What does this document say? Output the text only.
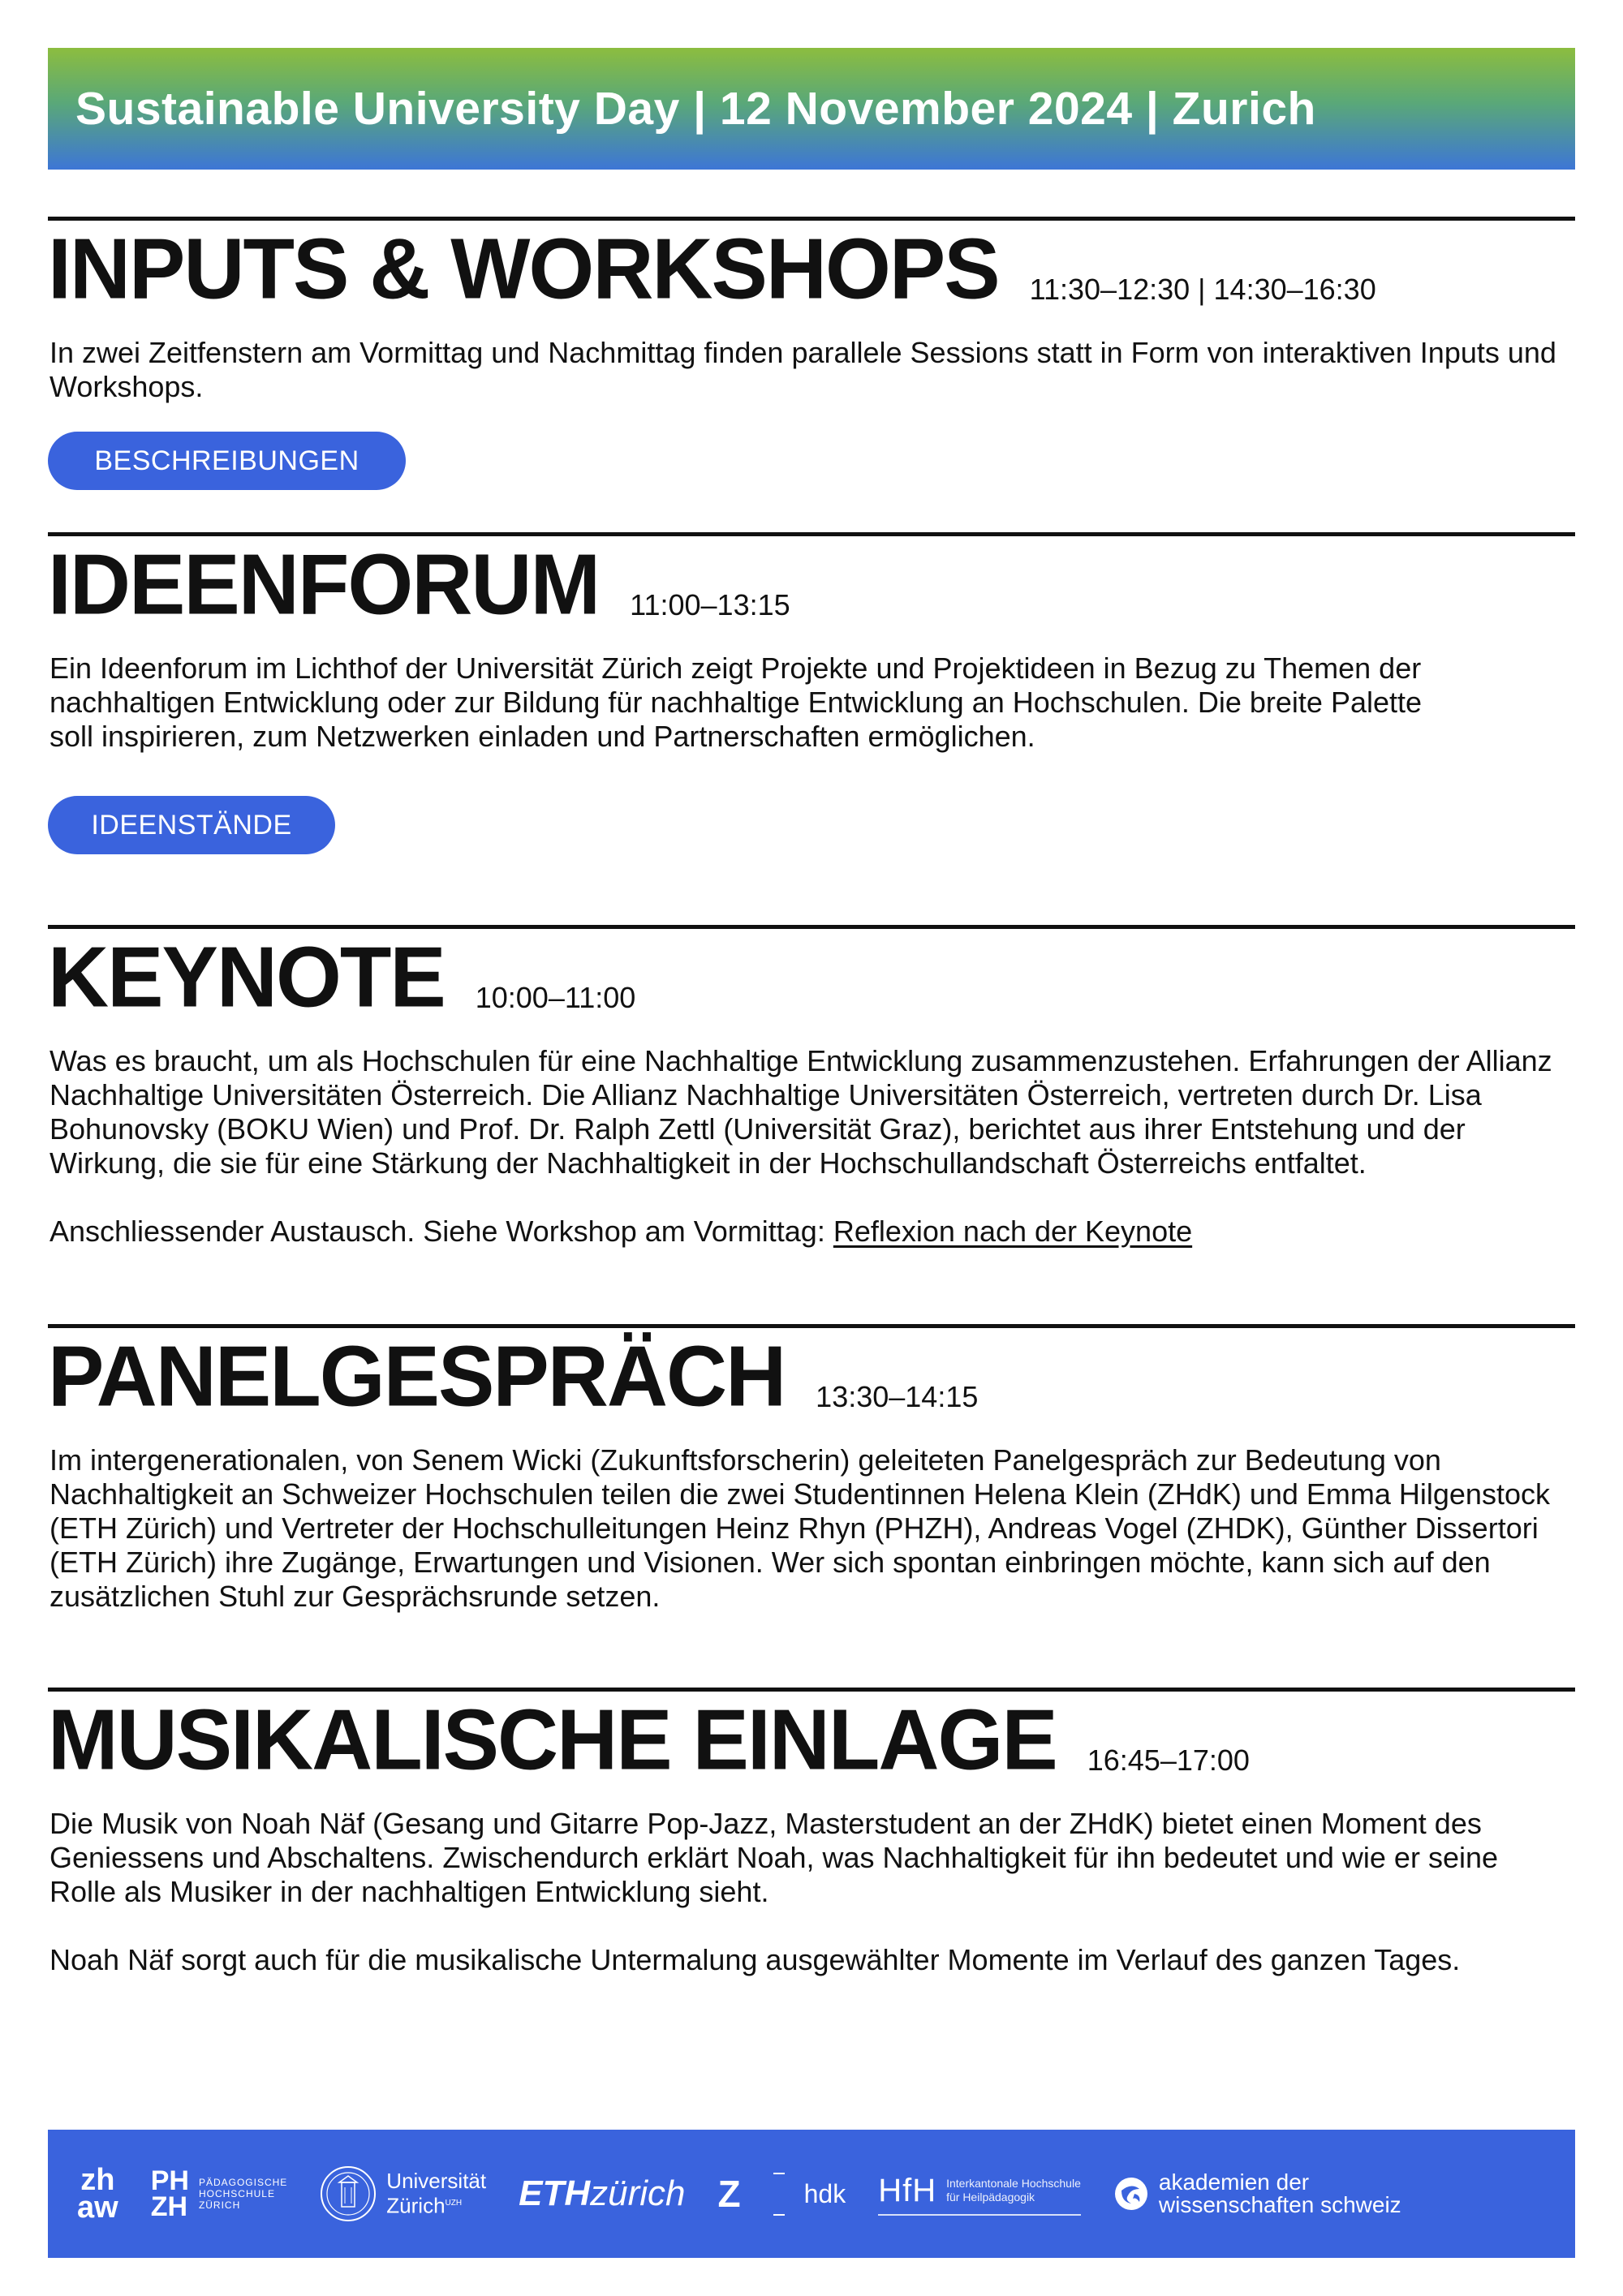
Sustainable University Day | 12 November 2024 | Zurich
INPUTS & WORKSHOPS 11:30–12:30 | 14:30–16:30

In zwei Zeitfenstern am Vormittag und Nachmittag finden parallele Sessions statt in Form von interaktiven Inputs und Workshops.

BESCHREIBUNGEN
IDEENFORUM 11:00–13:15

Ein Ideenforum im Lichthof der Universität Zürich zeigt Projekte und Projektideen in Bezug zu Themen der nachhaltigen Entwicklung oder zur Bildung für nachhaltige Entwicklung an Hochschulen. Die breite Palette soll inspirieren, zum Netzwerken einladen und Partnerschaften ermöglichen.

IDEENSTÄNDE
KEYNOTE 10:00–11:00

Was es braucht, um als Hochschulen für eine Nachhaltige Entwicklung zusammenzustehen. Erfahrungen der Allianz Nachhaltige Universitäten Österreich. Die Allianz Nachhaltige Universitäten Österreich, vertreten durch Dr. Lisa Bohunovsky (BOKU Wien) und Prof. Dr. Ralph Zettl (Universität Graz), berichtet aus ihrer Entstehung und der Wirkung, die sie für eine Stärkung der Nachhaltigkeit in der Hochschullandschaft Österreichs entfaltet.

Anschliessender Austausch. Siehe Workshop am Vormittag: Reflexion nach der Keynote

PANELGESPRÄCH 13:30–14:15

Im intergenerationalen, von Senem Wicki (Zukunftsforscherin) geleiteten Panelgespräch zur Bedeutung von Nachhaltigkeit an Schweizer Hochschulen teilen die zwei Studentinnen Helena Klein (ZHdK) und Emma Hilgenstock (ETH Zürich) und Vertreter der Hochschulleitungen Heinz Rhyn (PHZH), Andreas Vogel (ZHDK), Günther Dissertori (ETH Zürich) ihre Zugänge, Erwartungen und Visionen. Wer sich spontan einbringen möchte, kann sich auf den zusätzlichen Stuhl zur Gesprächsrunde setzen.

MUSIKALISCHE EINLAGE 16:45–17:00

Die Musik von Noah Näf (Gesang und Gitarre Pop-Jazz, Masterstudent an der ZHdK) bietet einen Moment des Geniessens und Abschaltens. Zwischendurch erklärt Noah, was Nachhaltigkeit für ihn bedeutet und wie er seine Rolle als Musiker in der nachhaltigen Entwicklung sieht.

Noah Näf sorgt auch für die musikalische Untermalung ausgewählter Momente im Verlauf des ganzen Tages.

zh
aw
PH
ZH
PÄDAGOGISCHE
HOCHSCHULE
ZÜRICH
Universität
Zürich$^{UZH}$	ETH zürich Z hdk HfH Interkantonale Hochschule
für Heilpädagogik
akademien der
wissenschaften schweiz
